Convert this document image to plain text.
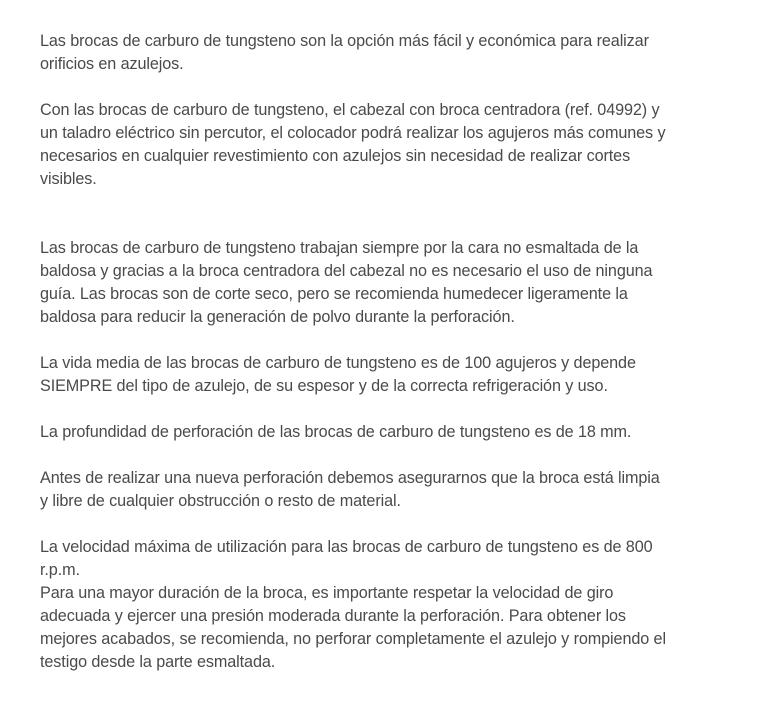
Las brocas de carburo de tungsteno son la opción más fácil y económica para realizar
orificios en azulejos.

Con las brocas de carburo de tungsteno, el cabezal con broca centradora (ref. 04992) y
un taladro eléctrico sin percutor, el colocador podrá realizar los agujeros más comunes y
necesarios en cualquier revestimiento con azulejos sin necesidad de realizar cortes
visibles.

Las brocas de carburo de tungsteno trabajan siempre por la cara no esmaltada de la
baldosa y gracias a la broca centradora del cabezal no es necesario el uso de ninguna
guía. Las brocas son de corte seco, pero se recomienda humedecer ligeramente la
baldosa para reducir la generación de polvo durante la perforación.

La vida media de las brocas de carburo de tungsteno es de 100 agujeros y depende
SIEMPRE del tipo de azulejo, de su espesor y de la correcta refrigeración y uso.

La profundidad de perforación de las brocas de carburo de tungsteno es de 18 mm.

Antes de realizar una nueva perforación debemos asegurarnos que la broca está limpia
y libre de cualquier obstrucción o resto de material.

La velocidad máxima de utilización para las brocas de carburo de tungsteno es de 800
r.p.m.
Para una mayor duración de la broca, es importante respetar la velocidad de giro
adecuada y ejercer una presión moderada durante la perforación. Para obtener los
mejores acabados, se recomienda, no perforar completamente el azulejo y rompiendo el
testigo desde la parte esmaltada.
